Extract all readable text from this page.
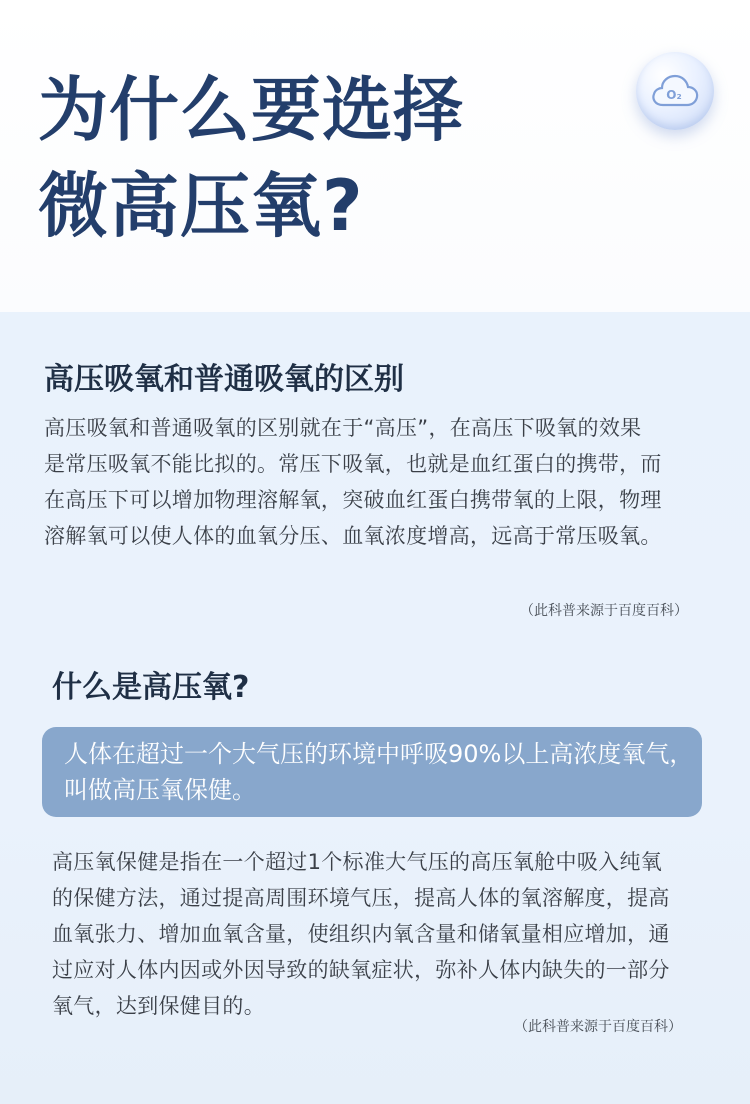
为什么要选择
微高压氧?
O₂
高压吸氧和普通吸氧的区别

高压吸氧和普通吸氧的区别就在于“高压”，在高压下吸氧的效果
是常压吸氧不能比拟的。常压下吸氧，也就是血红蛋白的携带，而
在高压下可以增加物理溶解氧，突破血红蛋白携带氧的上限，物理
溶解氧可以使人体的血氧分压、血氧浓度增高，远高于常压吸氧。

（此科普来源于百度百科）

什么是高压氧?

人体在超过一个大气压的环境中呼吸90%以上高浓度氧气，
叫做高压氧保健。

高压氧保健是指在一个超过1个标准大气压的高压氧舱中吸入纯氧
的保健方法，通过提高周围环境气压，提高人体的氧溶解度，提高
血氧张力、增加血氧含量，使组织内氧含量和储氧量相应增加，通
过应对人体内因或外因导致的缺氧症状，弥补人体内缺失的一部分
氧气，达到保健目的。

（此科普来源于百度百科）
